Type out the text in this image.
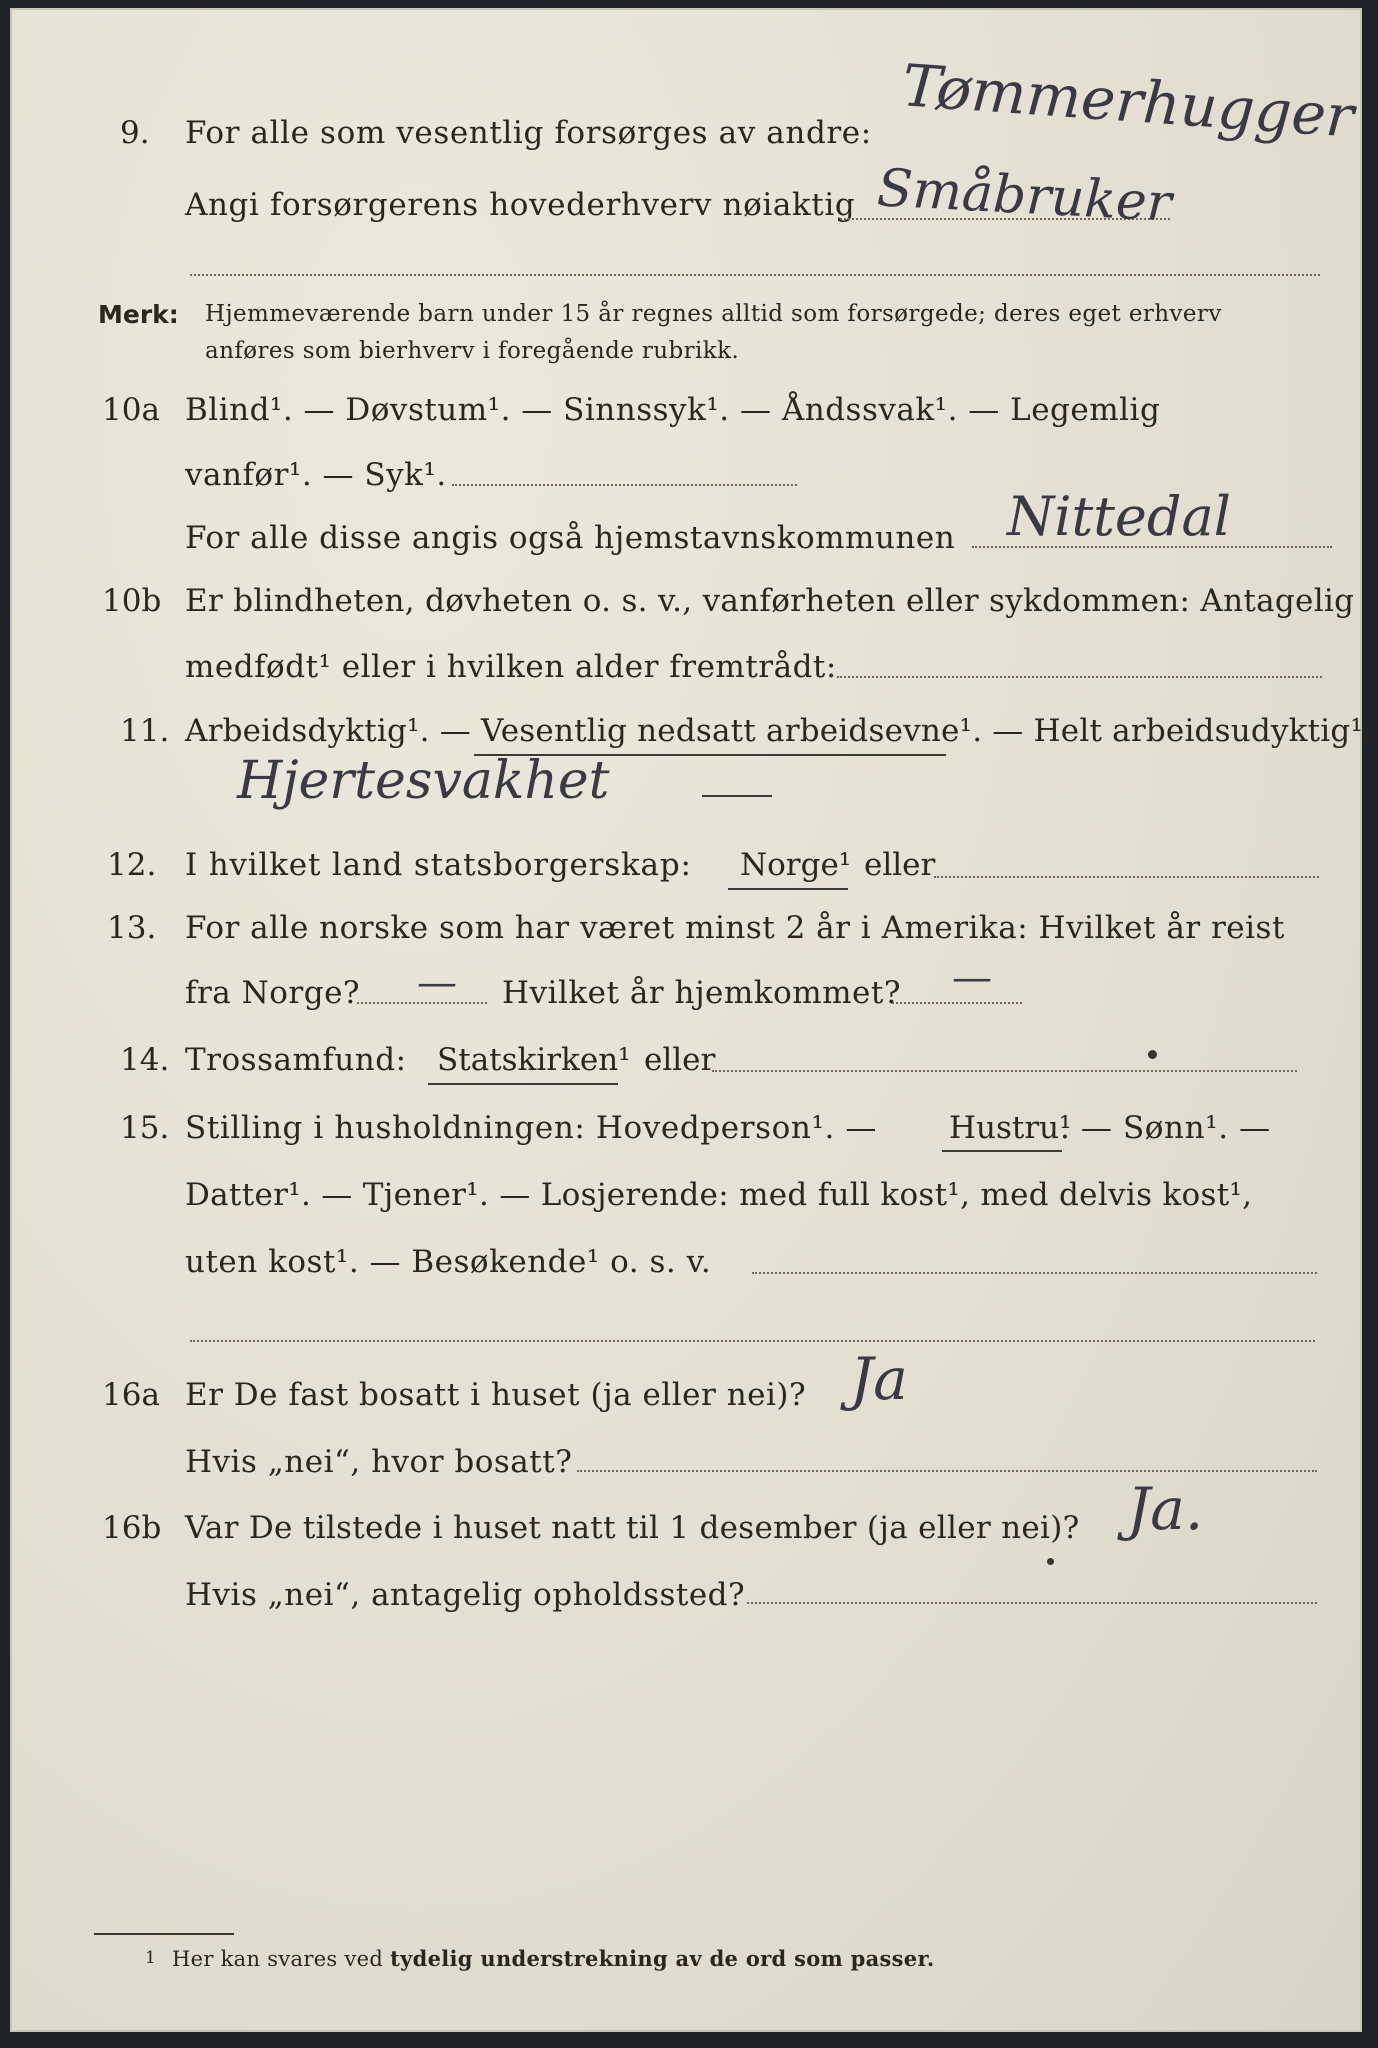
9. For alle som vesentlig forsørges av andre: Tømmerhugger
Angi forsørgerens hovederhverv nøiaktig Småbruker
Merk: Hjemmeværende barn under 15 år regnes alltid som forsørgede; deres eget erhverv
anføres som bierhverv i foregående rubrikk.
10a Blind¹. — Døvstum¹. — Sinnssyk¹. — Åndssvak¹. — Legemlig
vanfør¹. — Syk¹.
For alle disse angis også hjemstavnskommunen Nittedal
10b Er blindheten, døvheten o. s. v., vanførheten eller sykdommen: Antagelig
medfødt¹ eller i hvilken alder fremtrådt:
11. Arbeidsdyktig¹. — Vesentlig nedsatt arbeidsevne¹. — Helt arbeidsudyktig¹.
Hjertesvakhet
12. I hvilket land statsborgerskap: Norge¹ eller
13. For alle norske som har været minst 2 år i Amerika: Hvilket år reist
fra Norge? — Hvilket år hjemkommet? —
14. Trossamfund: Statskirken¹ eller
15. Stilling i husholdningen: Hovedperson¹. — Hustru¹
. — Sønn¹. —
Datter¹. — Tjener¹. — Losjerende: med full kost¹, med delvis kost¹,
uten kost¹. — Besøkende¹ o. s. v.
16a Er De fast bosatt i huset (ja eller nei)? Ja
Hvis „nei“, hvor bosatt?
16b Var De tilstede i huset natt til 1 desember (ja eller nei)? Ja.
Hvis „nei“, antagelig opholdssted?
1 Her kan svares ved tydelig understrekning av de ord som passer.
